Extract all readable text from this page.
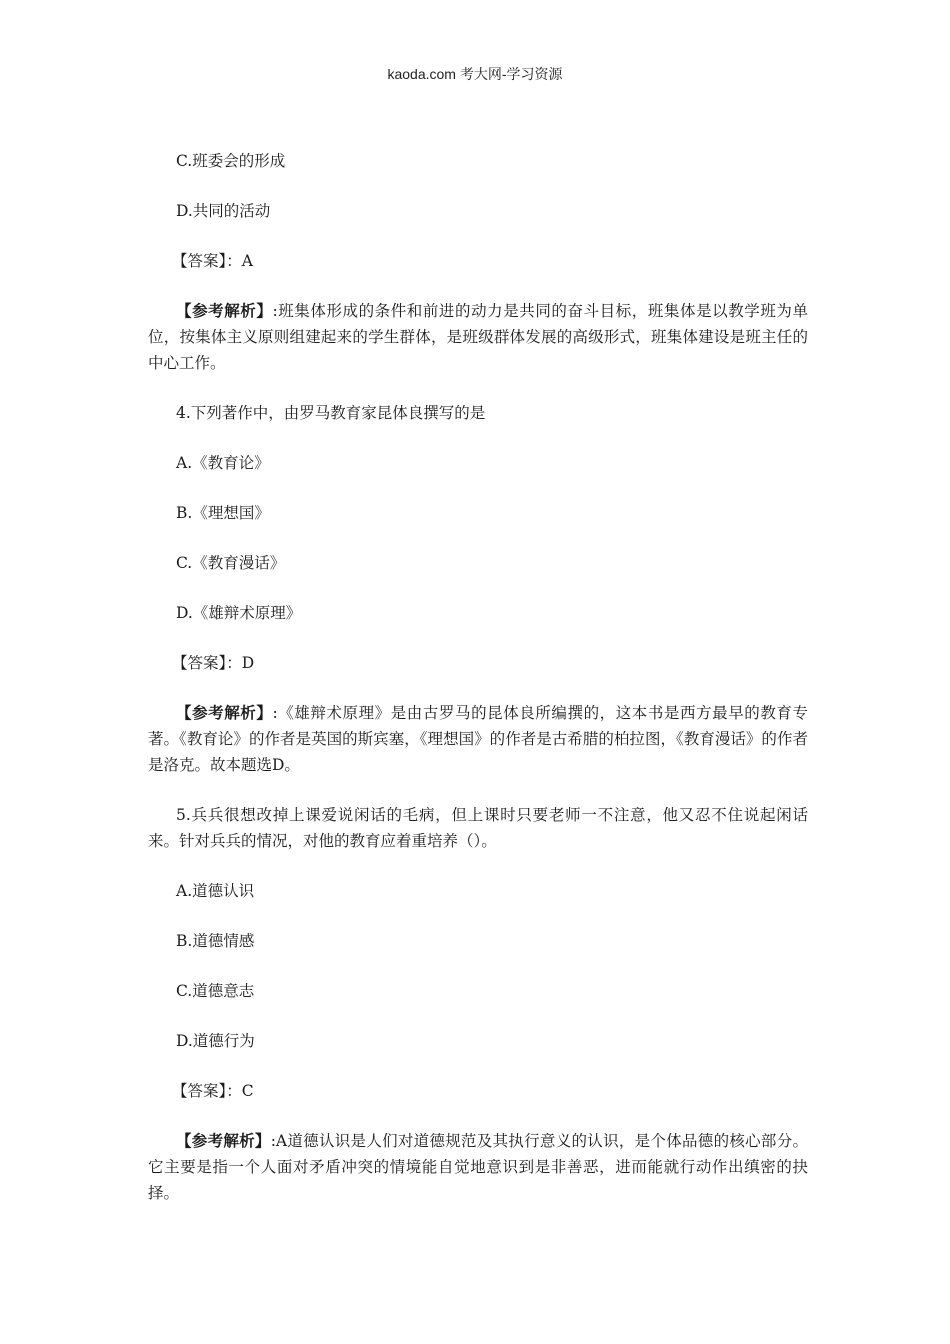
kaoda.com 考大网-学习资源

C.班委会的形成

D.共同的活动

【答案】：A

【参考解析】:班集体形成的条件和前进的动力是共同的奋斗目标，班集体是以教学班为单位，按集体主义原则组建起来的学生群体，是班级群体发展的高级形式，班集体建设是班主任的中心工作。

4.下列著作中，由罗马教育家昆体良撰写的是

A.《教育论》

B.《理想国》

C.《教育漫话》

D.《雄辩术原理》

【答案】：D

【参考解析】:《雄辩术原理》是由古罗马的昆体良所编撰的，这本书是西方最早的教育专著。《教育论》的作者是英国的斯宾塞，《理想国》的作者是古希腊的柏拉图，《教育漫话》的作者是洛克。故本题选D。

5.兵兵很想改掉上课爱说闲话的毛病，但上课时只要老师一不注意，他又忍不住说起闲话来。针对兵兵的情况，对他的教育应着重培养（）。

A.道德认识

B.道德情感

C.道德意志

D.道德行为

【答案】：C

【参考解析】:A道德认识是人们对道德规范及其执行意义的认识，是个体品德的核心部分。它主要是指一个人面对矛盾冲突的情境能自觉地意识到是非善恶，进而能就行动作出缜密的抉择。
